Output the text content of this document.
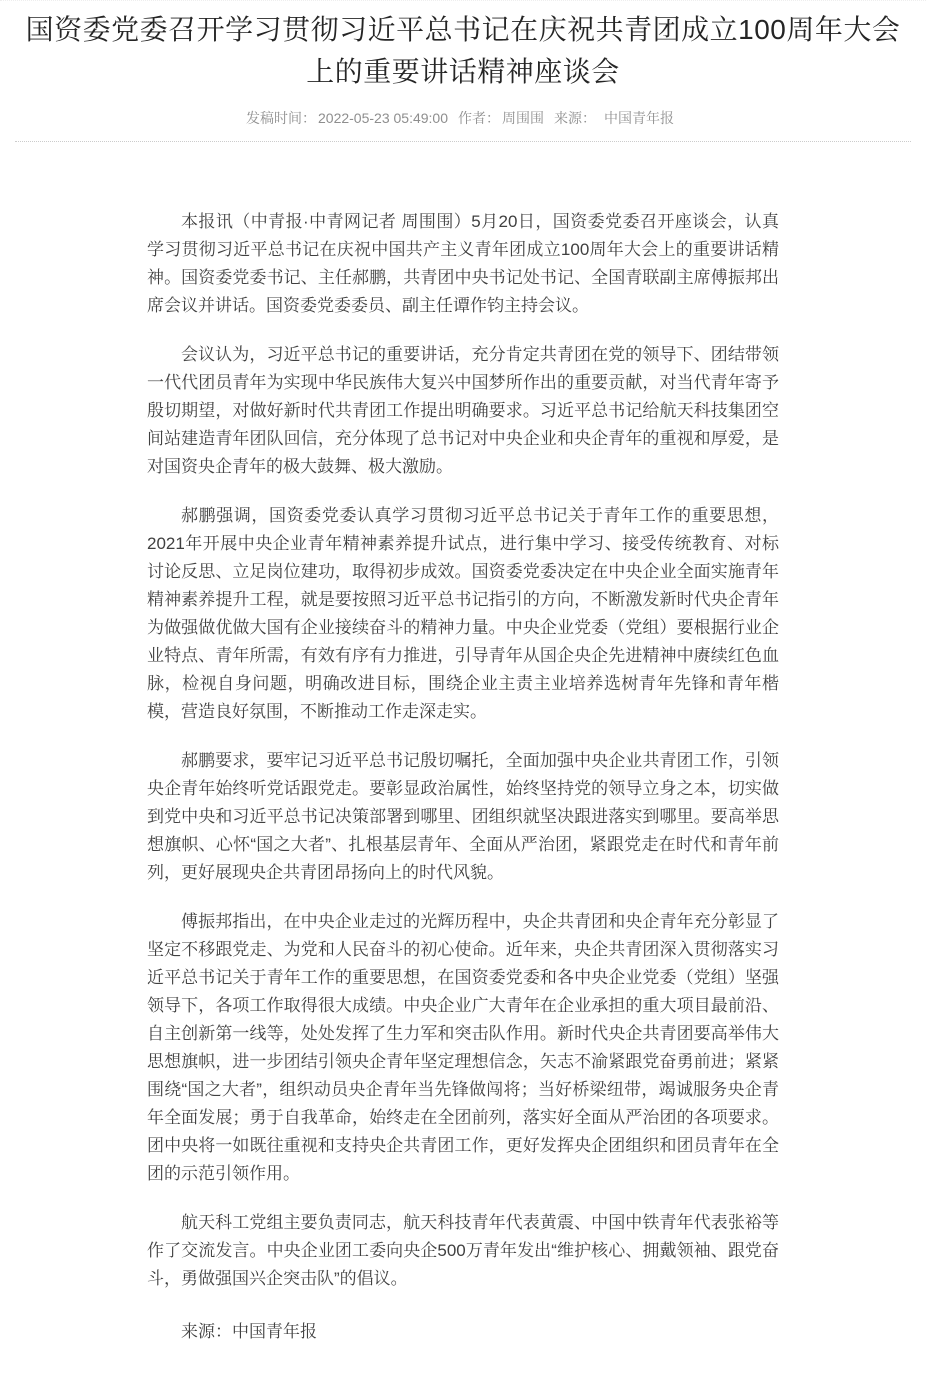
国资委党委召开学习贯彻习近平总书记在庆祝共青团成立100周年大会上的重要讲话精神座谈会
发稿时间： 2022-05-23 05:49:00 作者： 周围围 来源： 中国青年报

本报讯（中青报·中青网记者 周围围）5月20日，国资委党委召开座谈会，认真学习贯彻习近平总书记在庆祝中国共产主义青年团成立100周年大会上的重要讲话精神。国资委党委书记、主任郝鹏，共青团中央书记处书记、全国青联副主席傅振邦出席会议并讲话。国资委党委委员、副主任谭作钧主持会议。

会议认为，习近平总书记的重要讲话，充分肯定共青团在党的领导下、团结带领一代代团员青年为实现中华民族伟大复兴中国梦所作出的重要贡献，对当代青年寄予殷切期望，对做好新时代共青团工作提出明确要求。习近平总书记给航天科技集团空间站建造青年团队回信，充分体现了总书记对中央企业和央企青年的重视和厚爱，是对国资央企青年的极大鼓舞、极大激励。

郝鹏强调，国资委党委认真学习贯彻习近平总书记关于青年工作的重要思想，2021年开展中央企业青年精神素养提升试点，进行集中学习、接受传统教育、对标讨论反思、立足岗位建功，取得初步成效。国资委党委决定在中央企业全面实施青年精神素养提升工程，就是要按照习近平总书记指引的方向，不断激发新时代央企青年为做强做优做大国有企业接续奋斗的精神力量。中央企业党委（党组）要根据行业企业特点、青年所需，有效有序有力推进，引导青年从国企央企先进精神中赓续红色血脉，检视自身问题，明确改进目标，围绕企业主责主业培养选树青年先锋和青年楷模，营造良好氛围，不断推动工作走深走实。

郝鹏要求，要牢记习近平总书记殷切嘱托，全面加强中央企业共青团工作，引领央企青年始终听党话跟党走。要彰显政治属性，始终坚持党的领导立身之本，切实做到党中央和习近平总书记决策部署到哪里、团组织就坚决跟进落实到哪里。要高举思想旗帜、心怀“国之大者”、扎根基层青年、全面从严治团，紧跟党走在时代和青年前列，更好展现央企共青团昂扬向上的时代风貌。

傅振邦指出，在中央企业走过的光辉历程中，央企共青团和央企青年充分彰显了坚定不移跟党走、为党和人民奋斗的初心使命。近年来，央企共青团深入贯彻落实习近平总书记关于青年工作的重要思想，在国资委党委和各中央企业党委（党组）坚强领导下，各项工作取得很大成绩。中央企业广大青年在企业承担的重大项目最前沿、自主创新第一线等，处处发挥了生力军和突击队作用。新时代央企共青团要高举伟大思想旗帜，进一步团结引领央企青年坚定理想信念，矢志不渝紧跟党奋勇前进；紧紧围绕“国之大者”，组织动员央企青年当先锋做闯将；当好桥梁纽带，竭诚服务央企青年全面发展；勇于自我革命，始终走在全团前列，落实好全面从严治团的各项要求。团中央将一如既往重视和支持央企共青团工作，更好发挥央企团组织和团员青年在全团的示范引领作用。

航天科工党组主要负责同志，航天科技青年代表黄震、中国中铁青年代表张裕等作了交流发言。中央企业团工委向央企500万青年发出“维护核心、拥戴领袖、跟党奋斗，勇做强国兴企突击队”的倡议。

来源：中国青年报
